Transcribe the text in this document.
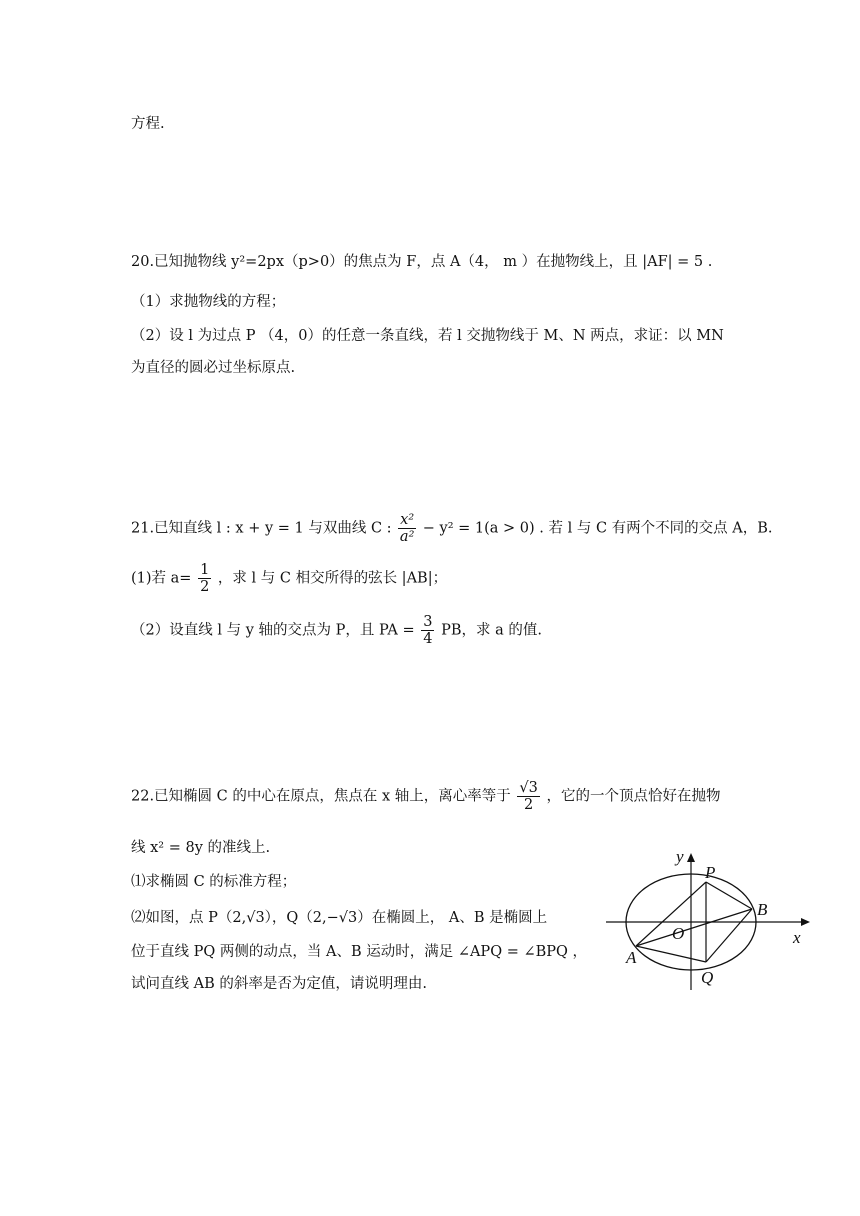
方程.
20.已知抛物线 y²=2px（p>0）的焦点为 F，点 A（4， m ）在抛物线上，且 |AF| = 5 .
（1）求抛物线的方程；
（2）设 l 为过点 P （4，0）的任意一条直线，若 l 交抛物线于 M、N 两点，求证：以 MN
为直径的圆必过坐标原点.
21.已知直线 l : x + y = 1 与双曲线 C : $\frac{\text{x²}}{\text{a²}} - y^2 = 1(a > 0)$ . 若 l 与 C 有两个不同的交点 A，B.
(1)若 $a= \frac{1}{2}$ ，求 l 与 C 相交所得的弦长 |AB|；
（2）设直线 l 与 y 轴的交点为 P，且 PA = $\frac{3}{4}$ PB，求 a 的值.
22.已知椭圆 C 的中心在原点，焦点在 x 轴上，离心率等于 $\frac{√3}{2}$ ，它的一个顶点恰好在抛物
线 x² = 8y 的准线上.
⑴求椭圆 C 的标准方程；
⑵如图，点 P（2,√3），Q（2,−√3）在椭圆上， A、B 是椭圆上
位于直线 PQ 两侧的动点，当 A、B 运动时，满足 ∠APQ = ∠BPQ ，
试问直线 AB 的斜率是否为定值，请说明理由.
y
x
P
B
O
A
Q
